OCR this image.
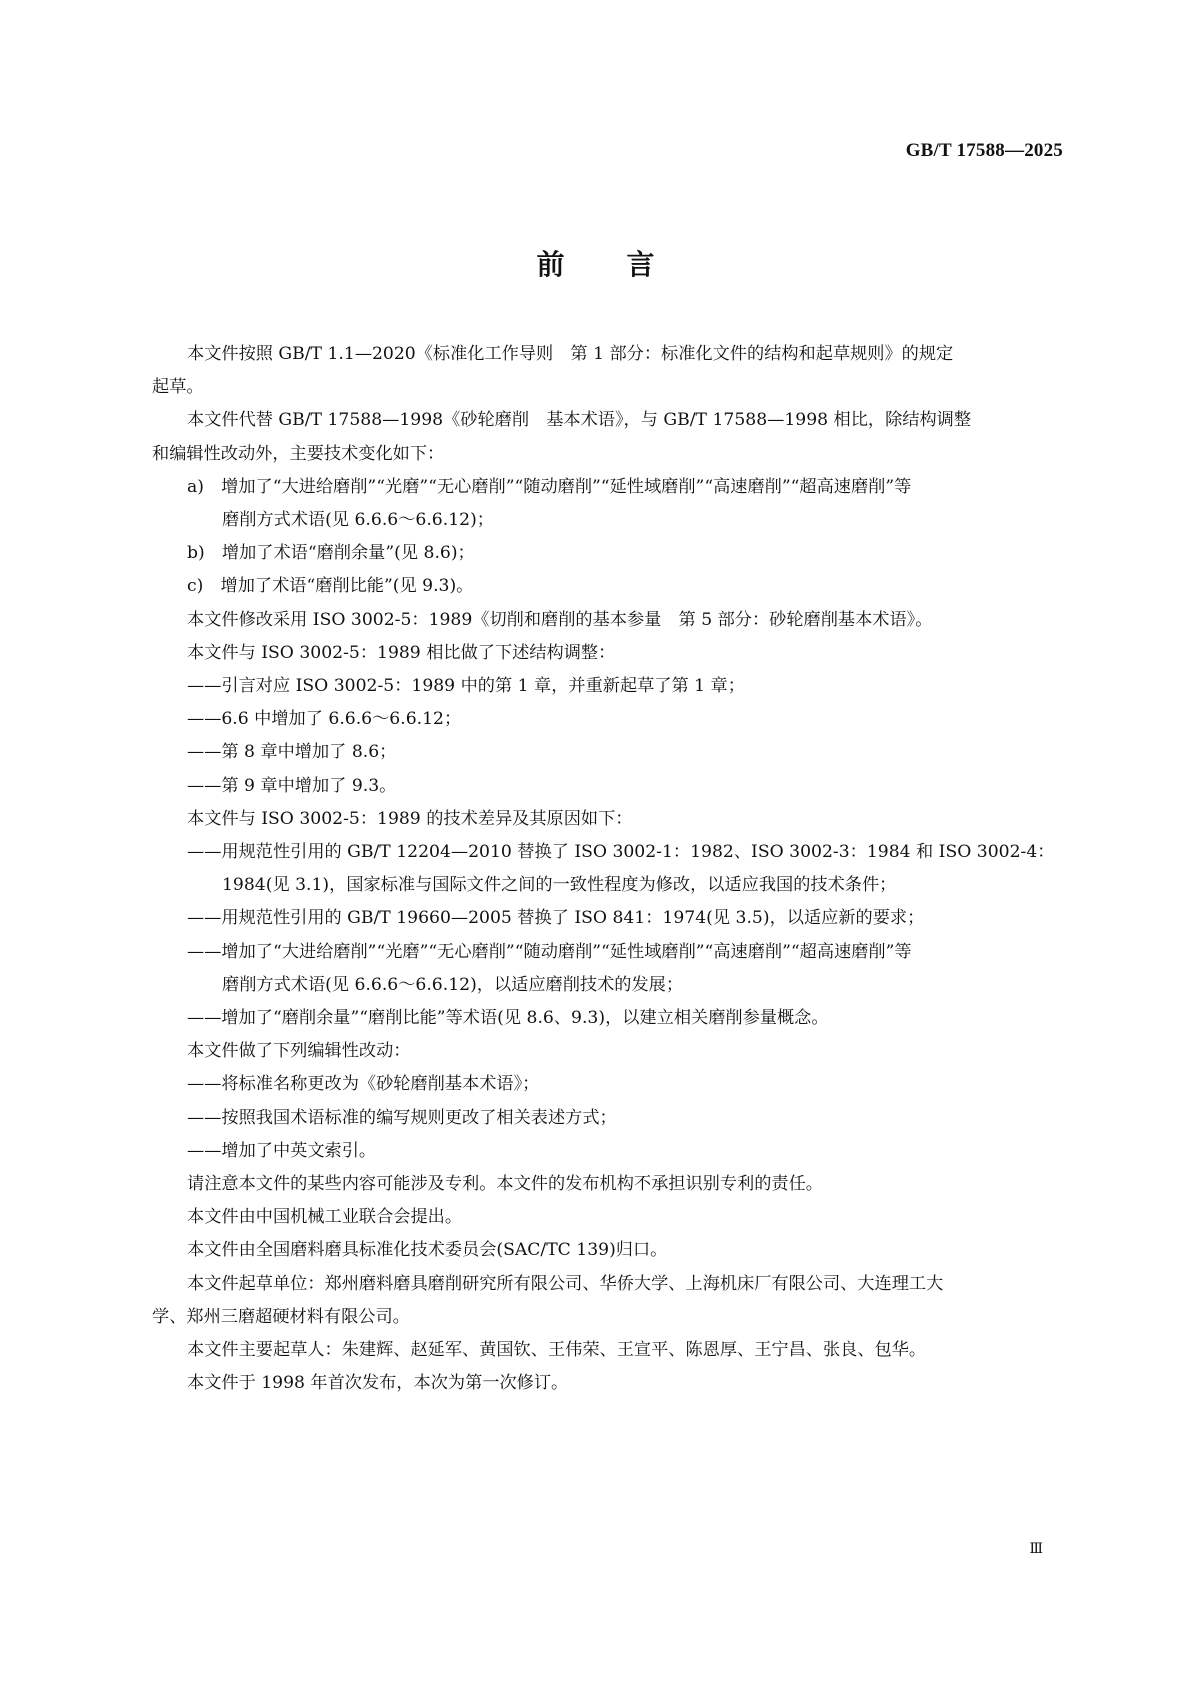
GB/T 17588—2025
前 言
本文件按照 GB/T 1.1—2020《标准化工作导则　第 1 部分：标准化文件的结构和起草规则》的规定
起草。
本文件代替 GB/T 17588—1998《砂轮磨削　基本术语》，与 GB/T 17588—1998 相比，除结构调整
和编辑性改动外，主要技术变化如下：
a)　增加了“大进给磨削”“光磨”“无心磨削”“随动磨削”“延性域磨削”“高速磨削”“超高速磨削”等
磨削方式术语(见 6.6.6～6.6.12)；
b)　增加了术语“磨削余量”(见 8.6)；
c)　增加了术语“磨削比能”(见 9.3)。
本文件修改采用 ISO 3002-5：1989《切削和磨削的基本参量　第 5 部分：砂轮磨削基本术语》。
本文件与 ISO 3002-5：1989 相比做了下述结构调整：
——引言对应 ISO 3002-5：1989 中的第 1 章，并重新起草了第 1 章；
——6.6 中增加了 6.6.6～6.6.12；
——第 8 章中增加了 8.6；
——第 9 章中增加了 9.3。
本文件与 ISO 3002-5：1989 的技术差异及其原因如下：
——用规范性引用的 GB/T 12204—2010 替换了 ISO 3002-1：1982、ISO 3002-3：1984 和 ISO 3002-4：
1984(见 3.1)，国家标准与国际文件之间的一致性程度为修改，以适应我国的技术条件；
——用规范性引用的 GB/T 19660—2005 替换了 ISO 841：1974(见 3.5)，以适应新的要求；
——增加了“大进给磨削”“光磨”“无心磨削”“随动磨削”“延性域磨削”“高速磨削”“超高速磨削”等
磨削方式术语(见 6.6.6～6.6.12)，以适应磨削技术的发展；
——增加了“磨削余量”“磨削比能”等术语(见 8.6、9.3)，以建立相关磨削参量概念。
本文件做了下列编辑性改动：
——将标准名称更改为《砂轮磨削基本术语》；
——按照我国术语标准的编写规则更改了相关表述方式；
——增加了中英文索引。
请注意本文件的某些内容可能涉及专利。本文件的发布机构不承担识别专利的责任。
本文件由中国机械工业联合会提出。
本文件由全国磨料磨具标准化技术委员会(SAC/TC 139)归口。
本文件起草单位：郑州磨料磨具磨削研究所有限公司、华侨大学、上海机床厂有限公司、大连理工大
学、郑州三磨超硬材料有限公司。
本文件主要起草人：朱建辉、赵延军、黄国钦、王伟荣、王宣平、陈恩厚、王宁昌、张良、包华。
本文件于 1998 年首次发布，本次为第一次修订。
Ⅲ
